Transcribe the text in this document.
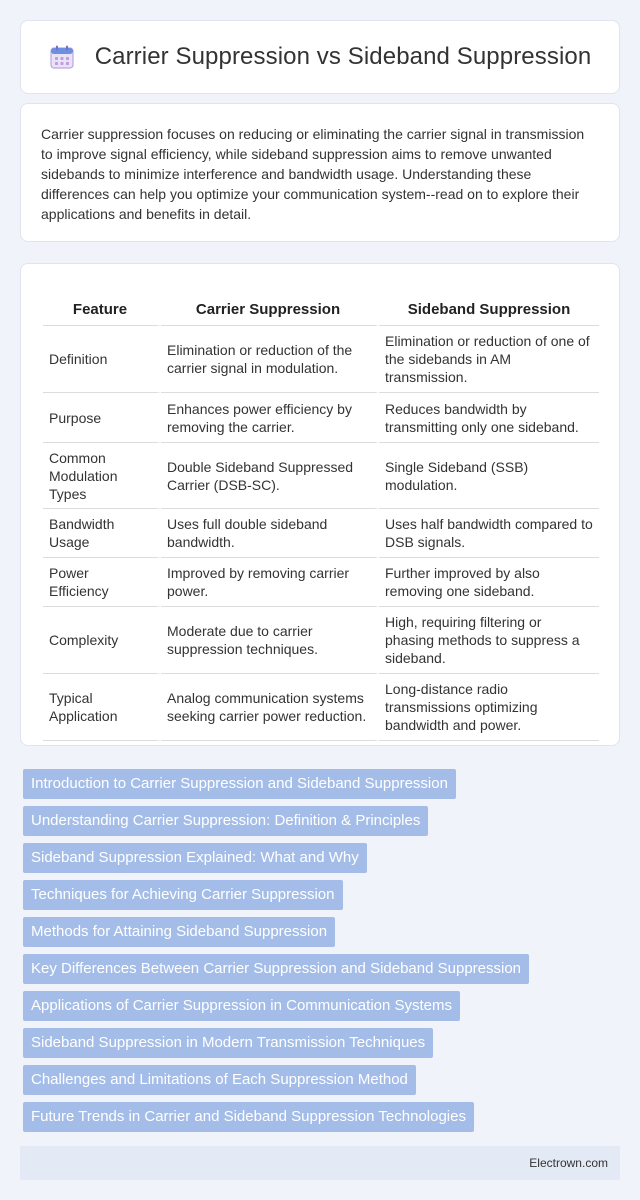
Carrier Suppression vs Sideband Suppression

Carrier suppression focuses on reducing or eliminating the carrier signal in transmission to improve signal efficiency, while sideband suppression aims to remove unwanted sidebands to minimize interference and bandwidth usage. Understanding these differences can help you optimize your communication system--read on to explore their applications and benefits in detail.

Feature	Carrier Suppression	Sideband Suppression
Definition	Elimination or reduction of the carrier signal in modulation.	Elimination or reduction of one of the sidebands in AM transmission.
Purpose	Enhances power efficiency by removing the carrier.	Reduces bandwidth by transmitting only one sideband.
Common Modulation Types	Double Sideband Suppressed Carrier (DSB-SC).	Single Sideband (SSB) modulation.
Bandwidth Usage	Uses full double sideband bandwidth.	Uses half bandwidth compared to DSB signals.
Power Efficiency	Improved by removing carrier power.	Further improved by also removing one sideband.
Complexity	Moderate due to carrier suppression techniques.	High, requiring filtering or phasing methods to suppress a sideband.
Typical Application	Analog communication systems seeking carrier power reduction.	Long-distance radio transmissions optimizing bandwidth and power.
Introduction to Carrier Suppression and Sideband Suppression
Understanding Carrier Suppression: Definition & Principles
Sideband Suppression Explained: What and Why
Techniques for Achieving Carrier Suppression
Methods for Attaining Sideband Suppression
Key Differences Between Carrier Suppression and Sideband Suppression
Applications of Carrier Suppression in Communication Systems
Sideband Suppression in Modern Transmission Techniques
Challenges and Limitations of Each Suppression Method
Future Trends in Carrier and Sideband Suppression Technologies
Electrown.com
